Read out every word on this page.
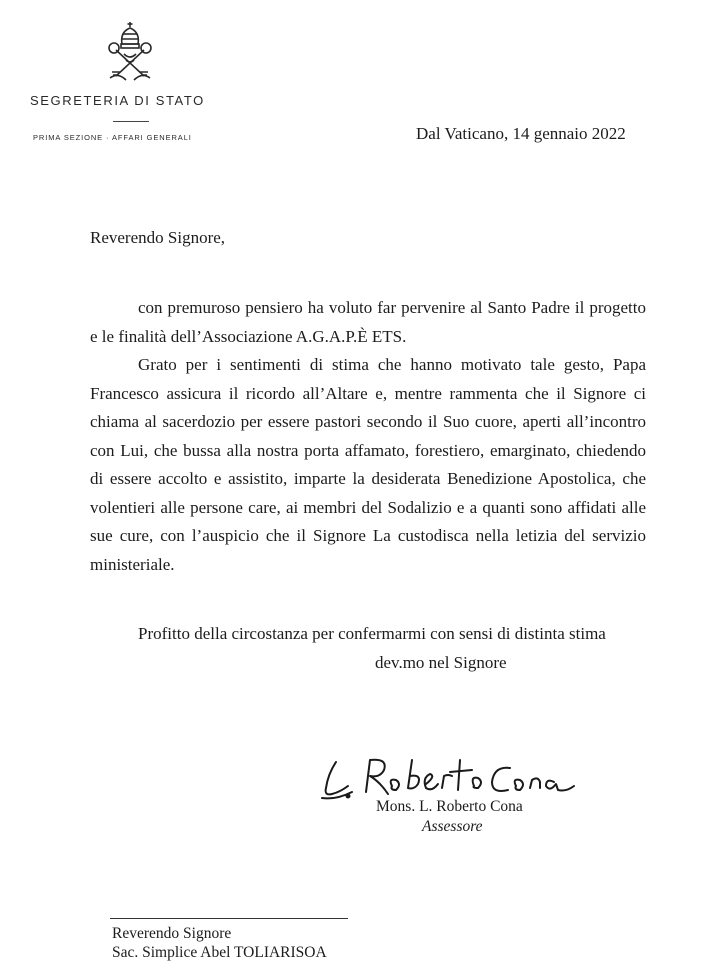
SEGRETERIA DI STATO
PRIMA SEZIONE · AFFARI GENERALI	Dal Vaticano, 14 gennaio 2022
Reverendo Signore,

con premuroso pensiero ha voluto far pervenire al Santo Padre il progetto e le finalità dell’Associazione A.G.A.P.È ETS.

Grato per i sentimenti di stima che hanno motivato tale gesto, Papa Francesco assicura il ricordo all’Altare e, mentre rammenta che il Signore ci chiama al sacerdozio per essere pastori secondo il Suo cuore, aperti all’incontro con Lui, che bussa alla nostra porta affamato, forestiero, emarginato, chiedendo di essere accolto e assistito, imparte la desiderata Benedizione Apostolica, che volentieri alle persone care, ai membri del Sodalizio e a quanti sono affidati alle sue cure, con l’auspicio che il Signore La custodisca nella letizia del servizio ministeriale.

Profitto della circostanza per confermarmi con sensi di distinta stima

dev.mo nel Signore

Mons. L. Roberto Cona
Assessore
Reverendo Signore
Sac. Simplice Abel TOLIARISOA
